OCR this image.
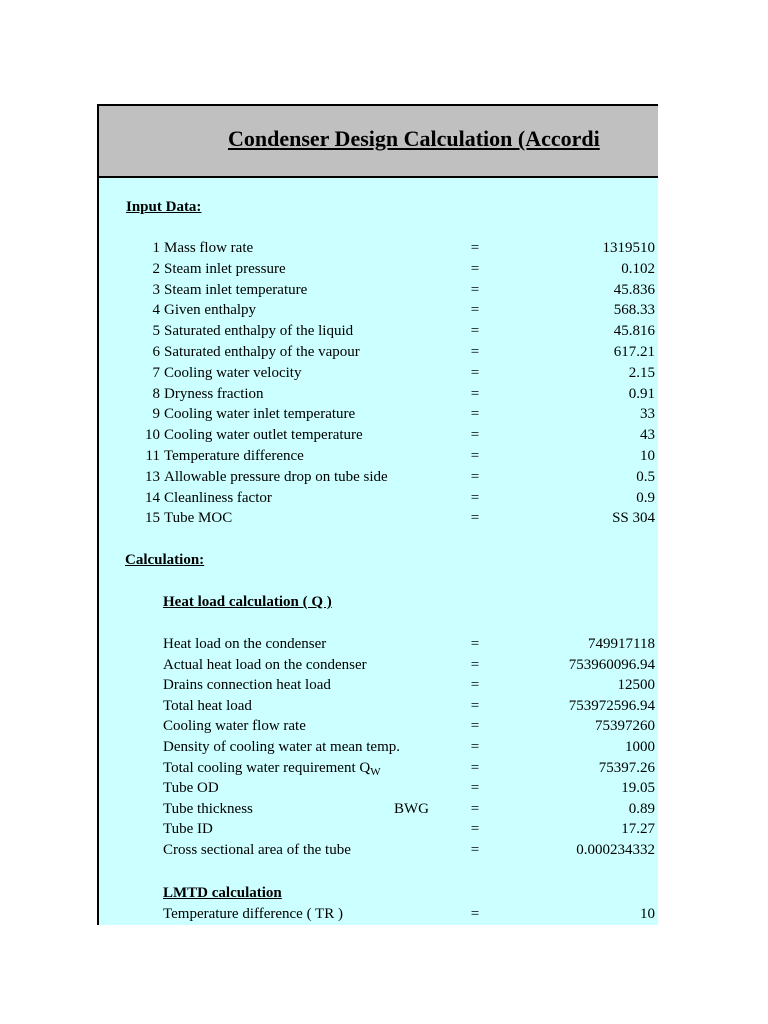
Condenser Design Calculation (Accordi
Input Data:
1 Mass flow rate	=	1319510
2 Steam inlet pressure	=	0.102
3 Steam inlet temperature	=	45.836
4 Given enthalpy	=	568.33
5 Saturated enthalpy of the liquid	=	45.816
6 Saturated enthalpy of the vapour	=	617.21
7 Cooling water velocity	=	2.15
8 Dryness fraction	=	0.91
9 Cooling water inlet temperature	=	33
10 Cooling water outlet temperature	=	43
11 Temperature difference	=	10
13 Allowable pressure drop on tube side	=	0.5
14 Cleanliness factor	=	0.9
15 Tube MOC	=	SS 304
Calculation:
Heat load calculation ( Q )
Heat load on the condenser	=	749917118
Actual heat load on the condenser	=	753960096.94
Drains connection heat load	=	12500
Total heat load	=	753972596.94
Cooling water flow rate	=	75397260
Density of cooling water at mean temp.	=	1000
Total cooling water requirement $Q_W$	=	75397.26
Tube OD	=	19.05
Tube thickness	BWG	=	0.89
Tube ID	=	17.27
Cross sectional area of the tube	=	0.000234332
LMTD calculation
Temperature difference ( TR )	=	10
